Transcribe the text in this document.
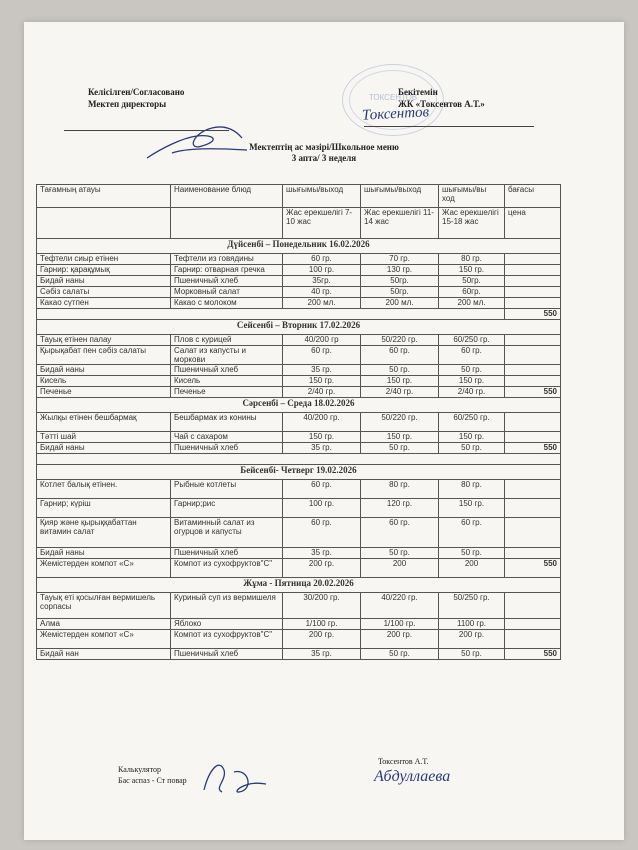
Келісілген/Согласовано
Мектеп директоры
ТОКСЕНТОВ
Бекітемін
ЖК «Токсентов А.Т.»
Токсентов
Мектептің ас мәзірі/Школьное меню
3 апта/ 3 неделя
Тағамның атауы	Наименование блюд	шығымы/выход	шығымы/выход	шығымы/вы ход	бағасы
		Жас ерекшелігі 7-10 жас	Жас ерекшелігі 11-14 жас	Жас ерекшелігі 15-18 жас	цена
Дүйсенбі – Понедельник 16.02.2026					
Тефтели сиыр етінен	Тефтели из говядины	60 гр.	70 гр.	80 гр.	
Гарнир: қарақұмық	Гарнир: отварная гречка	100 гр.	130 гр.	150 гр.	
Бидай наны	Пшеничный хлеб	35гр.	50гр.	50гр.	
Сәбіз салаты	Морковный салат	40 гр.	50гр.	60гр.	
Какао сүтпен	Какао с молоком	200 мл.	200 мл.	200 мл.	
					550
Сейсенбі – Вторник 17.02.2026					
Тауық етінен палау	Плов с курицей	40/200 гр	50/220 гр.	60/250 гр.	
Қырықабат пен сәбіз салаты	Салат из капусты и моркови	60 гр.	60 гр.	60 гр.	
Бидай наны	Пшеничный хлеб	35 гр.	50 гр.	50 гр.	
Кисель	Кисель	150 гр.	150 гр.	150 гр.	
Печенье	Печенье	2/40 гр.	2/40 гр.	2/40 гр.	550
Сәрсенбі – Среда 18.02.2026					
Жылқы етінен бешбармақ	Бешбармак из конины	40/200 гр.	50/220 гр.	60/250 гр.	
Тәтті шай	Чай с сахаром	150 гр.	150 гр.	150 гр.	
Бидай наны	Пшеничный хлеб	35 гр.	50 гр.	50 гр.	550

Бейсенбі- Четверг 19.02.2026					
Котлет балық етінен.	Рыбные котлеты	60 гр.	80 гр.	80 гр.	
Гарнир; күріш	Гарнир;рис	100 гр.	120 гр.	150 гр.	
Қияр және қырыққабаттан витамин салат	Витаминный салат из огурцов и капусты	60 гр.	60 гр.	60 гр.	
Бидай наны	Пшеничный хлеб	35 гр.	50 гр.	50 гр.	
Жемістерден компот «С»	Компот из сухофруктов"С"	200 гр.	200	200	550
Жұма - Пятница 20.02.2026					
Тауық еті қосылған вермишель сорпасы	Куриный суп из вермишеля	30/200 гр.	40/220 гр.	50/250 гр.	
Алма	Яблоко	1/100 гр.	1/100 гр.	1100 гр.	
Жемістерден компот «С»	Компот из сухофруктов"С"	200 гр.	200 гр.	200 гр.	
Бидай нан	Пшеничный хлеб	35 гр.	50 гр.	50 гр.	550
Калькулятор
Бас аспаз - Ст повар
Токсентов А.Т.
Абдуллаева
